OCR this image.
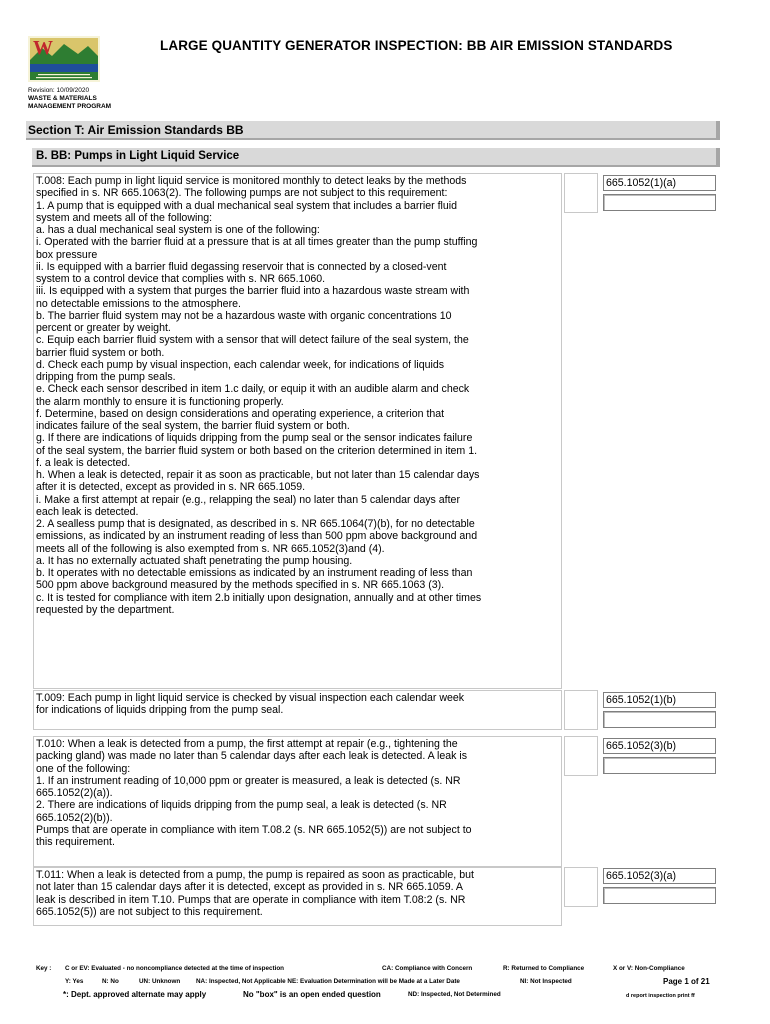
W	LARGE QUANTITY GENERATOR INSPECTION: BB AIR EMISSION STANDARDS
Revision: 10/09/2020
WASTE & MATERIALS
MANAGEMENT PROGRAM
Section T: Air Emission Standards BB
B. BB: Pumps in Light Liquid Service
T.008: Each pump in light liquid service is monitored monthly to detect leaks by the methods
specified in s. NR 665.1063(2). The following pumps are not subject to this requirement:
1. A pump that is equipped with a dual mechanical seal system that includes a barrier fluid
system and meets all of the following:
a. has a dual mechanical seal system is one of the following:
i. Operated with the barrier fluid at a pressure that is at all times greater than the pump stuffing
box pressure
ii. Is equipped with a barrier fluid degassing reservoir that is connected by a closed-vent
system to a control device that complies with s. NR 665.1060.
iii. Is equipped with a system that purges the barrier fluid into a hazardous waste stream with
no detectable emissions to the atmosphere.
b. The barrier fluid system may not be a hazardous waste with organic concentrations 10
percent or greater by weight.
c. Equip each barrier fluid system with a sensor that will detect failure of the seal system, the
barrier fluid system or both.
d. Check each pump by visual inspection, each calendar week, for indications of liquids
dripping from the pump seals.
e. Check each sensor described in item 1.c daily, or equip it with an audible alarm and check
the alarm monthly to ensure it is functioning properly.
f. Determine, based on design considerations and operating experience, a criterion that
indicates failure of the seal system, the barrier fluid system or both.
g. If there are indications of liquids dripping from the pump seal or the sensor indicates failure
of the seal system, the barrier fluid system or both based on the criterion determined in item 1.
f. a leak is detected.
h. When a leak is detected, repair it as soon as practicable, but not later than 15 calendar days
after it is detected, except as provided in s. NR 665.1059.
i. Make a first attempt at repair (e.g., relapping the seal) no later than 5 calendar days after
each leak is detected.
2. A sealless pump that is designated, as described in s. NR 665.1064(7)(b), for no detectable
emissions, as indicated by an instrument reading of less than 500 ppm above background and
meets all of the following is also exempted from s. NR 665.1052(3)and (4).
a. It has no externally actuated shaft penetrating the pump housing.
b. It operates with no detectable emissions as indicated by an instrument reading of less than
500 ppm above background measured by the methods specified in s. NR 665.1063 (3).
c. It is tested for compliance with item 2.b initially upon designation, annually and at other times
requested by the department.
665.1052(1)(a)
T.009: Each pump in light liquid service is checked by visual inspection each calendar week
for indications of liquids dripping from the pump seal.
665.1052(1)(b)
T.010: When a leak is detected from a pump, the first attempt at repair (e.g., tightening the
packing gland) was made no later than 5 calendar days after each leak is detected. A leak is
one of the following:
1. If an instrument reading of 10,000 ppm or greater is measured, a leak is detected (s. NR
665.1052(2)(a)).
2. There are indications of liquids dripping from the pump seal, a leak is detected (s. NR
665.1052(2)(b)).
Pumps that are operate in compliance with item T.08.2 (s. NR 665.1052(5)) are not subject to
this requirement.
665.1052(3)(b)
T.011: When a leak is detected from a pump, the pump is repaired as soon as practicable, but
not later than 15 calendar days after it is detected, except as provided in s. NR 665.1059. A
leak is described in item T.10. Pumps that are operate in compliance with item T.08:2 (s. NR
665.1052(5)) are not subject to this requirement.
665.1052(3)(a)
Key : C or EV: Evaluated - no noncompliance detected at the time of inspection	CA: Compliance with Concern	R: Returned to Compliance	X or V: Non-Compliance
Y: Yes	N: No	UN: Unknown NA: Inspected, Not Applicable NE: Evaluation Determination will be Made at a Later Date	NI: Not Inspected	Page 1 of 21
*: Dept. approved alternate may apply	No "box" is an open ended question	ND: Inspected, Not Determined	d report inspection print ff
